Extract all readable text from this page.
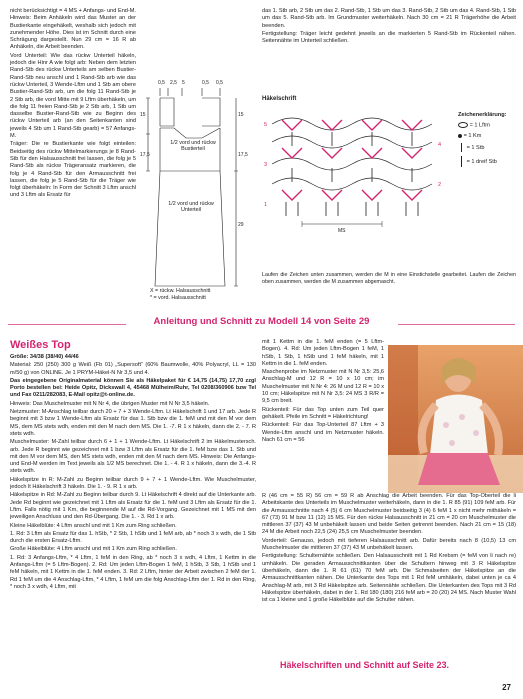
nicht berücksichtigt = 4 MS + Anfangs- und End-M. Hinweis: Beim Anhäkeln wird das Muster an der Bustierkante eingehäkelt, weshalb sich jedoch mit zunehmender Höhe. Dies ist im Schnitt durch eine Schrägung dargestellt. Nun 29 cm = 16 R ab Anhäkeln, die Arbeit beenden.

Vord Unterteil: Wie das rückw Unterteil häkeln, jedoch die Hinr A wie folgt arb: Neben dem letzten Rand-Stb des rückw Unterteils am selben Bustier-Rand-Stb neu anschl und 1 Rand-Stb arb wie das rückw Unterteil, 3 Wende-Lftm und 1 Stb am obere Bustier-Rand-Stb arb, um die folg 11 Rand-Stb je 2 Stb arb, die vord Mitte mit 9 Lftm überhäkeln, um die folg 11 freien Rand-Stb je 2 Stb arb, 1 Stb um dasselbe Bustier-Rand-Stb wie zu Beginn des rückw Unterteil arb (an den Seitenkanten sind jeweils 4 Stb um 1 Rand-Stb gearb) = 57 Anfangs-M.

Träger: Die re Bustierkante wie folgt einteilen: Beidseitig des rückw Mittelmarkierungs je 8 Rand-Stb für den Halsausschnitt frei lassen, die folg je 5 Rand-Stb als rückw Trägeransatz markieren, die folg je 4 Rand-Stb für den Armausschnitt frei lassen, die folg je 5 Rand-Stb für die Träger wie folgt überhäkeln: In Form der Schnitt 3 Lftm anschl und 3 Lftm als Ersatz für

0,5 2,5 5	0,5 0,5
15
17,5
15
17,5
29
1/2 vord und rückw Bustierteil
1/2 vord und rückw Unterteil
X = rückw. Halsausschnitt
* = vord. Halsausschnitt

das 1. Stb arb, 2 Stb um das 2. Rand-Stb, 1 Stb um das 3. Rand-Stb, 2 Stb um das 4. Rand-Stb, 1 Stb um das 5. Rand-Stb arb. Im Grundmuster weiterhäkeln. Nach 30 cm = 21 R Trägerhöhe die Arbeit beenden.

Fertigstellung: Träger leicht gedehnt jeweils an die markierten 5 Rand-Stb im Rückenteil nähen. Seitennähte im Unterteil schließen.

Häkelschrift
MS
5
4
3
2
1
Zeichenerklärung:
= 1 Lftm
= 1 Km
= 1 Stb
= 1 dreif Stb
Laufen die Zeichen unten zusammen, werden die M in eine Einstichstelle gearbeitet. Laufen die Zeichen oben zusammen, werden die M zusammen abgemascht.
Anleitung und Schnitt zu Modell 14 von Seite 29
Weißes Top

Größe: 34/38 (38/40) 44/46

Material: 250 (250) 300 g Weiß (Fb 01) „Supersoft“ (60% Baumwolle, 40% Polyacryl, LL = 130 m/50 g) von ONLINE. Je 1 PRYM-Häkel-N Nr 3,5 und 4.

Das eingegebene Originalmaterial können Sie als Häkelpaket für € 14,75 (14,75) 17,70 zzgl Porto bestellen bei: Heide Opitz, Dickswall 4, 45468 Mülheim/Ruhr, Tel 0208/360906 bzw Tel und Fax 0211/282083, E-Mail opitz@t-online.de.

Hinweis: Das Muschelmuster mit N Nr 4, die übrigen Muster mit N Nr 3,5 häkeln.

Netzmuster: M-Anschlag teilbar durch 20 + 7 + 3 Wende-Lftm. Lt Häkelschrift 1 und 17 arb. Jede R beginnt mit 3 bzw 1 Wende-Lftm als Ersatz für das 1. Stb bzw die 1. feM und mit den M vor dem MS, dem MS stets wdh, enden mit den M nach dem MS. Die 1. -7. R 1 x häkeln, dann die 2. - 7. R stets wdh.

Muschelmuster: M-Zahl teilbar durch 6 + 1 + 1 Wende-Lftm. Lt Häkelschrift 2 im Häkelmustersch. arb. Jede R beginnt wie gezeichnet mit 1 bzw 3 Lftm als Ersatz für die 1. feM bzw das 1. Stb und mit den M vor dem MS, den MS stets wdh, enden mit den M nach dem MS. Hinweis: Die Anfangs- und End-M werden im Text jeweils als 1/2 MS berechnet. Die 1. - 4. R 1 x häkeln, dann die 3.-4. R stets wdh.

Häkelspitze in R: M-Zahl zu Beginn teilbar durch 9 + 7 + 1 Wende-Lftm. Wie Muschelmuster, jedoch lt Häkelschrift 3 häkeln. Die 1. - 9. R 1 x arb.

Häkelspitze in Rd: M-Zahl zu Beginn teilbar durch 9. Lt Häkelschrift 4 direkt auf die Unterkante arb. Jede Rd beginnt wie gezeichnet mit 1 Lftm als Ersatz für die 1. feM und 3 Lftm als Ersatz für die 1. Lftm. Falls nötig mit 1 Km, die beginnende M auf die Rd-Vorgang. Gezeichnet mit 1 MS mit den jeweiligen Anschluss und den Rd-Übergang. Die 1. - 3. Rd 1 x arb.

Kleine Häkelblüte: 4 Lftm anschl und mit 1 Km zum Ring schließen.

1. Rd: 3 Lftm als Ersatz für das 1. hStb, * 2 Stb, 1 hStb und 1 feM arb, ab * noch 3 x wdh, die 1 Stb durch die ersten Ersatz-Lftm.

Große Häkelblüte: 4 Lftm anschl und mit 1 Km zum Ring schließen.

1. Rd: 3 Anfangs-Lftm, * 4 Lftm, 1 feM in den Ring, ab * noch 3 x wdh, 4 Lftm, 1 Kettm in die Anfangs-Lftm (= 5 Lftm-Bogen). 2. Rd: Um jeden Lftm-Bogen 1 feM, 1 hStb, 3 Stb, 1 hStb und 1 feM häkeln, mit 1 Kettm in die 1. feM enden. 3. Rd: 2 Lftm, hinter der Arbeit zwischen 2 feM der 1. Rd 1 feM um die 4 Anschlag-Lftm, * 4 Lftm, 1 feM um die folg Anschlag-Lftm der 1. Rd in den Ring, * noch 3 x wdh, 4 Lftm, mit

mit 1 Kettm in die 1. feM enden (= 5 Lftm-Bogen). 4. Rd: Um jeden Lftm-Bogen 1 feM, 1 hStb, 1 Stb, 1 hStb und 1 feM häkeln, mit 1 Kettm in die 1. feM enden.

Maschenprobe im Netzmuster mit N Nr 3,5: 25,6 Anschlag-M und 12 R = 10 x 10 cm; im Muschelmuster mit N Nr 4: 26 M und 12 R = 10 x 10 cm; Häkelspitze mit N Nr 3,5: 24 MS 3 R/R = 9,5 cm breit.

Rückenteil: Für das Top unten zum Teil quer gehäkelt. Pfeile im Schnitt = Häkelrichtung!

Rückenteil: Für das Top-Unterteil 87 Lftm + 3 Wende-Lftm anschl und im Netzmuster häkeln. Nach 61 cm = 56

R (46 cm = 55 R) 56 cm = 59 R ab Anschlag die Arbeit beenden. Für das Top-Oberteil die li Arbeitskante des Unterteils im Muschelmuster weiterhäkeln, dann in die 1. R 85 (91) 109 feM arb. Für die Armausschnitte nach 4 (5) 6 cm Muschelmuster beidseitig 3 (4) 6 feM 1 x nicht mehr mithäkeln = 67 (73) 91 M bzw 11 (12) 15 MS. Für den rückw Halsausschnitt in 21 cm = 20 cm Muschelmuster die mittleren 37 (37) 43 M unbehäkelt lassen und beide Seiten getrennt beenden. Nach 21 cm = 15 (18) 24 M die Arbeit noch 22,5 (24) 25,5 cm Muschelmuster beenden.

Vorderteil: Genauso, jedoch mit tieferen Halsausschnitt arb. Dafür bereits nach 8 (10,5) 13 cm Muschelmuster die mittleren 37 (37) 43 M unbehäkelt lassen.

Fertigstellung: Schulternähte schließen. Den Halsausschnitt mit 1 Rd Krebsm (= feM von li nach re) umhäkeln. Die geraden Armausschnittkanten über die Schultern hinweg mit 3 R Häkelspitze überhäkeln, dann die 1. R 61 (61) 70 feM arb. Die Schmalseiten der Häkelspitze an die Armausschnittkanten nähen. Die Unterkante des Tops mit 1 Rd feM umhäkeln, dabei unten je ca 4 Anschlag-M arb, mit 3 Rd Häkelspitze arb. Seitennähte schließen. Die Unterkanten des Tops mit 3 Rd Häkelspitze überhäkeln, dabei in der 1. Rd 180 (180) 216 feM arb = 20 (20) 24 MS. Nach Muster Wahl ist ca 1 kleine und 1 große Häkelblüte auf die Schulter nähen.

Häkelschriften und Schnitt auf Seite 23.
27
